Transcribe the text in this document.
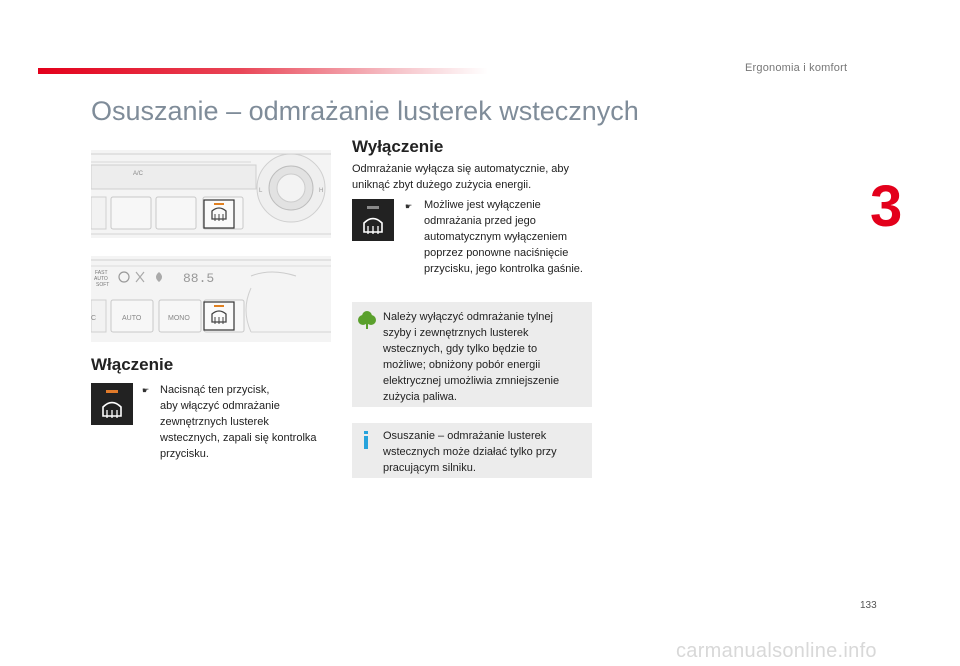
Ergonomia i komfort
Osuszanie – odmrażanie lusterek wstecznych
3
A/C
L	H
FAST
AUTO
SOFT	88.5
C	AUTO	MONO
Włączenie
☛ Nacisnąć ten przycisk,
aby włączyć odmrażanie
zewnętrznych lusterek
wstecznych, zapali się kontrolka
przycisku.
Wyłączenie
Odmrażanie wyłącza się automatycznie, aby
uniknąć zbyt dużego zużycia energii.
☛ Możliwe jest wyłączenie
odmrażania przed jego
automatycznym wyłączeniem
poprzez ponowne naciśnięcie
przycisku, jego kontrolka gaśnie.
Należy wyłączyć odmrażanie tylnej
szyby i zewnętrznych lusterek
wstecznych, gdy tylko będzie to
możliwe; obniżony pobór energii
elektrycznej umożliwia zmniejszenie
zużycia paliwa.
Osuszanie – odmrażanie lusterek
wstecznych może działać tylko przy
pracującym silniku.
133
carmanualsonline.info
